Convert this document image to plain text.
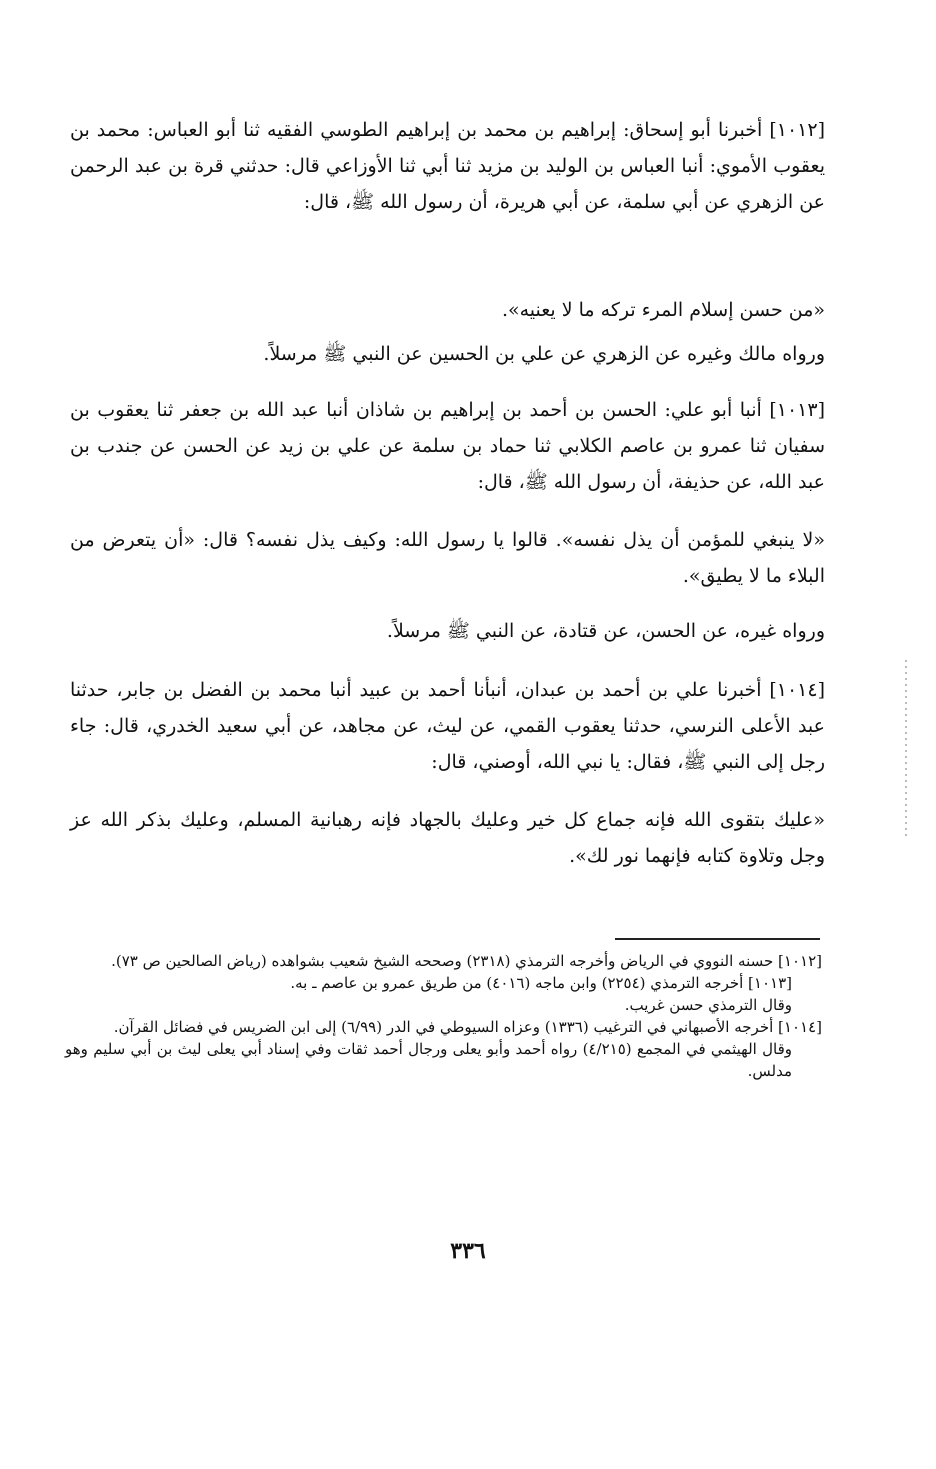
[١٠١٢] أخبرنا أبو إسحاق: إبراهيم بن محمد بن إبراهيم الطوسي الفقيه ثنا أبو العباس: محمد بن يعقوب الأموي: أنبا العباس بن الوليد بن مزيد ثنا أبي ثنا الأوزاعي قال: حدثني قرة بن عبد الرحمن عن الزهري عن أبي سلمة، عن أبي هريرة، أن رسول الله ﷺ، قال:

«من حسن إسلام المرء تركه ما لا يعنيه».

ورواه مالك وغيره عن الزهري عن علي بن الحسين عن النبي ﷺ مرسلاً.

[١٠١٣] أنبا أبو علي: الحسن بن أحمد بن إبراهيم بن شاذان أنبا عبد الله بن جعفر ثنا يعقوب بن سفيان ثنا عمرو بن عاصم الكلابي ثنا حماد بن سلمة عن علي بن زيد عن الحسن عن جندب بن عبد الله، عن حذيفة، أن رسول الله ﷺ، قال:

«لا ينبغي للمؤمن أن يذل نفسه». قالوا يا رسول الله: وكيف يذل نفسه؟ قال: «أن يتعرض من البلاء ما لا يطيق».

ورواه غيره، عن الحسن، عن قتادة، عن النبي ﷺ مرسلاً.

[١٠١٤] أخبرنا علي بن أحمد بن عبدان، أنبأنا أحمد بن عبيد أنبا محمد بن الفضل بن جابر، حدثنا عبد الأعلى النرسي، حدثنا يعقوب القمي، عن ليث، عن مجاهد، عن أبي سعيد الخدري، قال: جاء رجل إلى النبي ﷺ، فقال: يا نبي الله، أوصني، قال:

«عليك بتقوى الله فإنه جماع كل خير وعليك بالجهاد فإنه رهبانية المسلم، وعليك بذكر الله عز وجل وتلاوة كتابه فإنهما نور لك».

[١٠١٢] حسنه النووي في الرياض وأخرجه الترمذي (٢٣١٨) وصححه الشيخ شعيب بشواهده (رياض الصالحين ص ٧٣).

[١٠١٣] أخرجه الترمذي (٢٢٥٤) وابن ماجه (٤٠١٦) من طريق عمرو بن عاصم ـ به.

وقال الترمذي حسن غريب.

[١٠١٤] أخرجه الأصبهاني في الترغيب (١٣٣٦) وعزاه السيوطي في الدر (٦/٩٩) إلى ابن الضريس في فضائل القرآن.

وقال الهيثمي في المجمع (٤/٢١٥) رواه أحمد وأبو يعلى ورجال أحمد ثقات وفي إسناد أبي يعلى ليث بن أبي سليم وهو مدلس.

٣٣٦
